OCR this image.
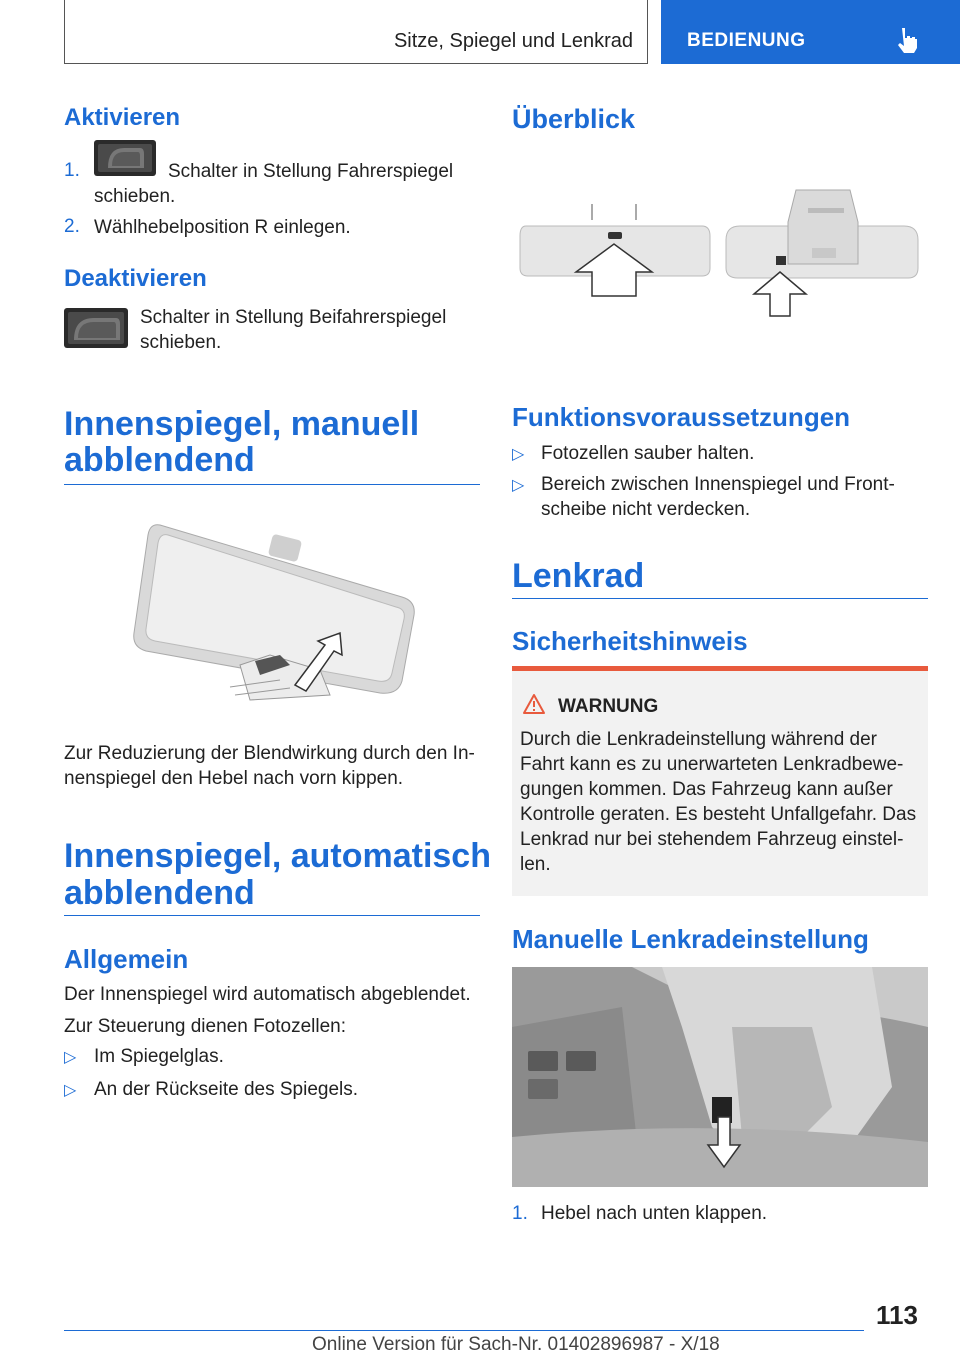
Sitze, Spiegel und Lenkrad	BEDIENUNG
Aktivieren
1.	Schalter in Stellung Fahrerspiegel
schieben.
2. Wählhebelposition R einlegen.
Deaktivieren
Schalter in Stellung Beifahrerspiegel
schieben.
Innenspiegel, manuell
abblendend
Zur Reduzierung der Blendwirkung durch den In‐
nenspiegel den Hebel nach vorn kippen.
Innenspiegel, automatisch
abblendend
Allgemein
Der Innenspiegel wird automatisch abgeblendet.
Zur Steuerung dienen Fotozellen:
▷ Im Spiegelglas.
▷ An der Rückseite des Spiegels.
Überblick
Funktionsvoraussetzungen
▷ Fotozellen sauber halten.
▷ Bereich zwischen Innenspiegel und Front‐
scheibe nicht verdecken.
Lenkrad
Sicherheitshinweis
WARNUNG
Durch die Lenkradeinstellung während der
Fahrt kann es zu unerwarteten Lenkradbewe‐
gungen kommen. Das Fahrzeug kann außer
Kontrolle geraten. Es besteht Unfallgefahr. Das
Lenkrad nur bei stehendem Fahrzeug einstel‐
len.
Manuelle Lenkradeinstellung
1. Hebel nach unten klappen.
113
Online Version für Sach-Nr. 01402896987 - X/18
